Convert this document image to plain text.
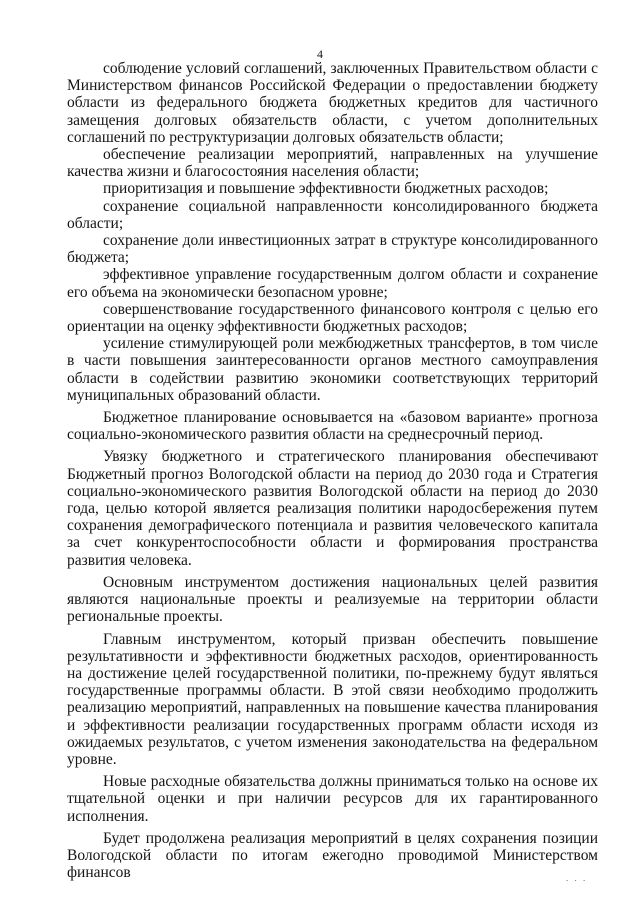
4

соблюдение условий соглашений, заключенных Правительством области с Министерством финансов Российской Федерации о предоставлении бюджету области из федерального бюджета бюджетных кредитов для частичного замещения долговых обязательств области, с учетом дополнительных соглашений по реструктуризации долговых обязательств области;

обеспечение реализации мероприятий, направленных на улучшение качества жизни и благосостояния населения области;

приоритизация и повышение эффективности бюджетных расходов;

сохранение социальной направленности консолидированного бюджета области;

сохранение доли инвестиционных затрат в структуре консолидированного бюджета;

эффективное управление государственным долгом области и сохранение его объема на экономически безопасном уровне;

совершенствование государственного финансового контроля с целью его ориентации на оценку эффективности бюджетных расходов;

усиление стимулирующей роли межбюджетных трансфертов, в том числе в части повышения заинтересованности органов местного самоуправления области в содействии развитию экономики соответствующих территорий муниципальных образований области.

Бюджетное планирование основывается на «базовом варианте» прогноза социально-экономического развития области на среднесрочный период.

Увязку бюджетного и стратегического планирования обеспечивают Бюджетный прогноз Вологодской области на период до 2030 года и Стратегия социально-экономического развития Вологодской области на период до 2030 года, целью которой является реализация политики народосбережения путем сохранения демографического потенциала и развития человеческого капитала за счет конкурентоспособности области и формирования пространства развития человека.

Основным инструментом достижения национальных целей развития являются национальные проекты и реализуемые на территории области региональные проекты.

Главным инструментом, который призван обеспечить повышение результативности и эффективности бюджетных расходов, ориентированность на достижение целей государственной политики, по-прежнему будут являться государственные программы области. В этой связи необходимо продолжить реализацию мероприятий, направленных на повышение качества планирования и эффективности реализации государственных программ области исходя из ожидаемых результатов, с учетом изменения законодательства на федеральном уровне.

Новые расходные обязательства должны приниматься только на основе их тщательной оценки и при наличии ресурсов для их гарантированного исполнения.

Будет продолжена реализация мероприятий в целях сохранения позиции Вологодской области по итогам ежегодно проводимой Министерством финансов	. . .
